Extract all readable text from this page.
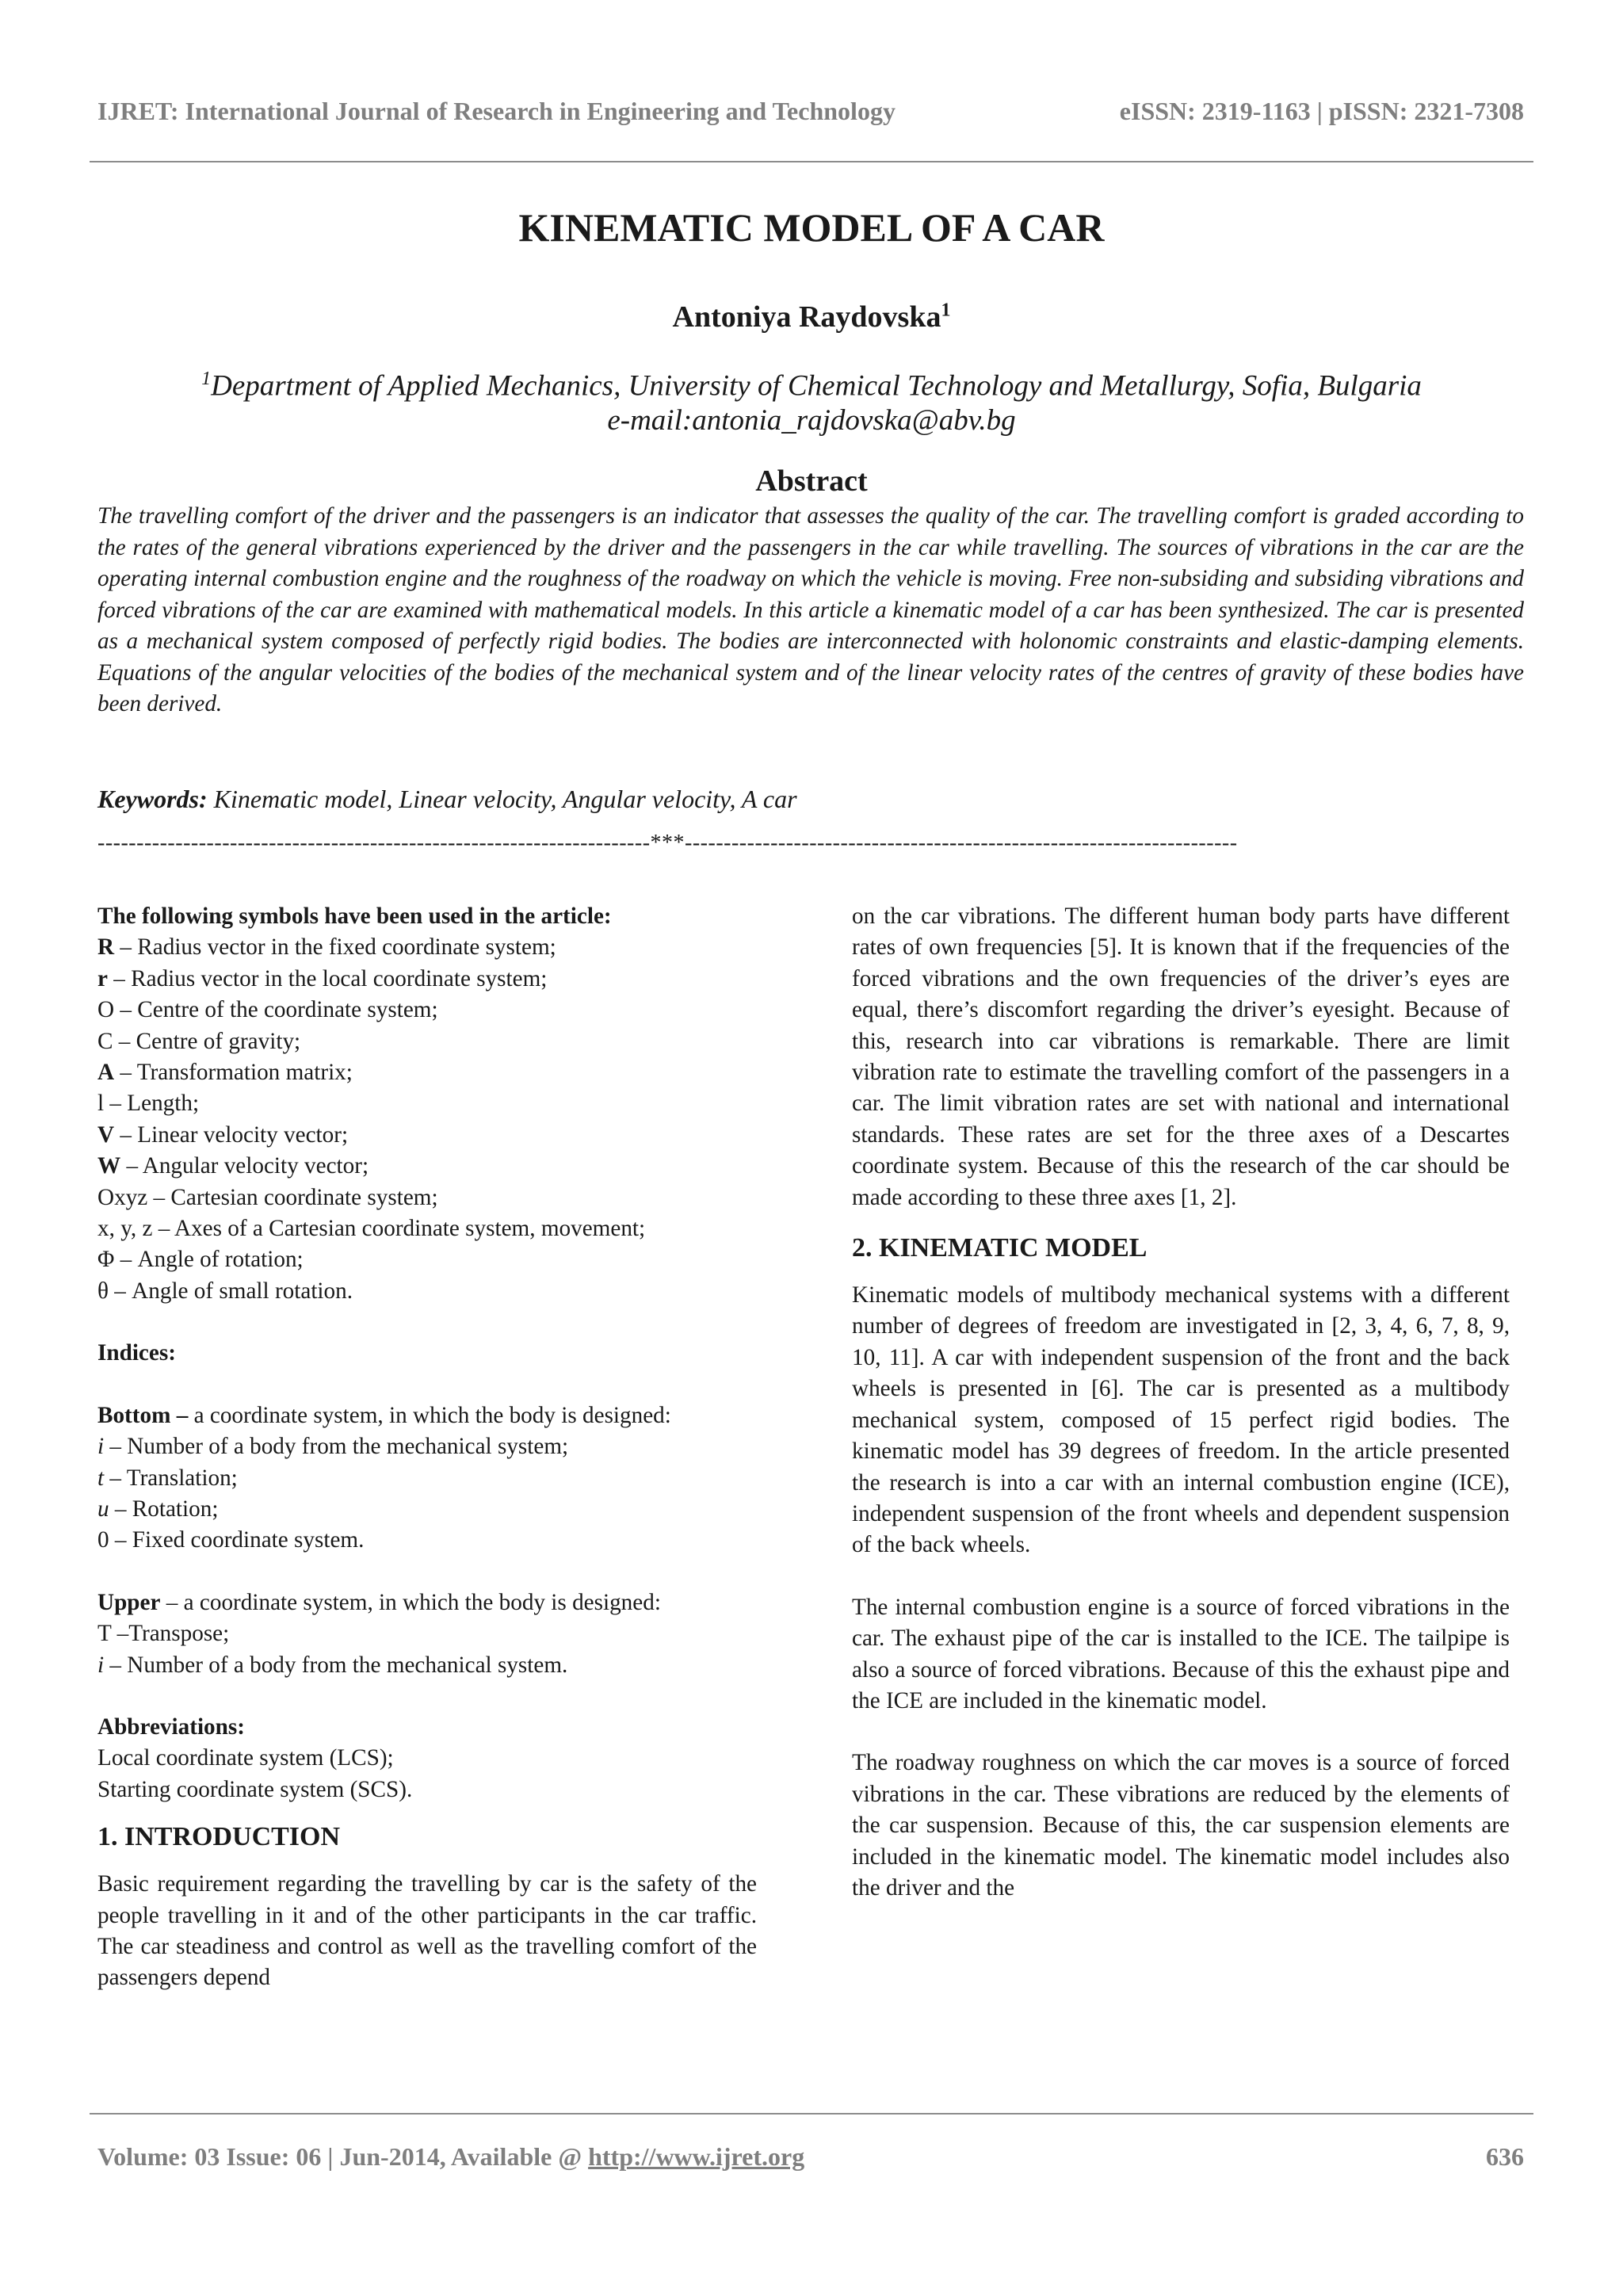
IJRET: International Journal of Research in Engineering and Technology	eISSN: 2319-1163 | pISSN: 2321-7308
KINEMATIC MODEL OF A CAR
Antoniya Raydovska$^1$
$^1$Department of Applied Mechanics, University of Chemical Technology and Metallurgy, Sofia, Bulgaria
e-mail:antonia_rajdovska@abv.bg
Abstract
The travelling comfort of the driver and the passengers is an indicator that assesses the quality of the car. The travelling comfort is graded according to the rates of the general vibrations experienced by the driver and the passengers in the car while travelling. The sources of vibrations in the car are the operating internal combustion engine and the roughness of the roadway on which the vehicle is moving. Free non-subsiding and subsiding vibrations and forced vibrations of the car are examined with mathematical models. In this article a kinematic model of a car has been synthesized. The car is presented as a mechanical system composed of perfectly rigid bodies. The bodies are interconnected with holonomic constraints and elastic-damping elements. Equations of the angular velocities of the bodies of the mechanical system and of the linear velocity rates of the centres of gravity of these bodies have been derived.
Keywords: Kinematic model, Linear velocity, Angular velocity, A car
-----------------------------------------------------------------------***-----------------------------------------------------------------------

The following symbols have been used in the article:

R – Radius vector in the fixed coordinate system;

r – Radius vector in the local coordinate system;

O – Centre of the coordinate system;

C – Centre of gravity;

A – Transformation matrix;

l – Length;

V – Linear velocity vector;

W – Angular velocity vector;

Oxyz – Cartesian coordinate system;

x, y, z – Axes of a Cartesian coordinate system, movement;

Φ – Angle of rotation;

θ – Angle of small rotation.

Indices:

Bottom – a coordinate system, in which the body is designed:

i – Number of a body from the mechanical system;

t – Translation;

u – Rotation;

0 – Fixed coordinate system.

Upper – a coordinate system, in which the body is designed:

T –Transpose;

i – Number of a body from the mechanical system.

Abbreviations:

Local coordinate system (LCS);

Starting coordinate system (SCS).

1. INTRODUCTION

Basic requirement regarding the travelling by car is the safety of the people travelling in it and of the other participants in the car traffic. The car steadiness and control as well as the travelling comfort of the passengers depend

on the car vibrations. The different human body parts have different rates of own frequencies [5]. It is known that if the frequencies of the forced vibrations and the own frequencies of the driver’s eyes are equal, there’s discomfort regarding the driver’s eyesight. Because of this, research into car vibrations is remarkable. There are limit vibration rate to estimate the travelling comfort of the passengers in a car. The limit vibration rates are set with national and international standards. These rates are set for the three axes of a Descartes coordinate system. Because of this the research of the car should be made according to these three axes [1, 2].

2. KINEMATIC MODEL

Kinematic models of multibody mechanical systems with a different number of degrees of freedom are investigated in [2, 3, 4, 6, 7, 8, 9, 10, 11]. A car with independent suspension of the front and the back wheels is presented in [6]. The car is presented as a multibody mechanical system, composed of 15 perfect rigid bodies. The kinematic model has 39 degrees of freedom. In the article presented the research is into a car with an internal combustion engine (ICE), independent suspension of the front wheels and dependent suspension of the back wheels.

The internal combustion engine is a source of forced vibrations in the car. The exhaust pipe of the car is installed to the ICE. The tailpipe is also a source of forced vibrations. Because of this the exhaust pipe and the ICE are included in the kinematic model.

The roadway roughness on which the car moves is a source of forced vibrations in the car. These vibrations are reduced by the elements of the car suspension. Because of this, the car suspension elements are included in the kinematic model. The kinematic model includes also the driver and the

Volume: 03 Issue: 06 | Jun-2014, Available @ http://www.ijret.org	636
